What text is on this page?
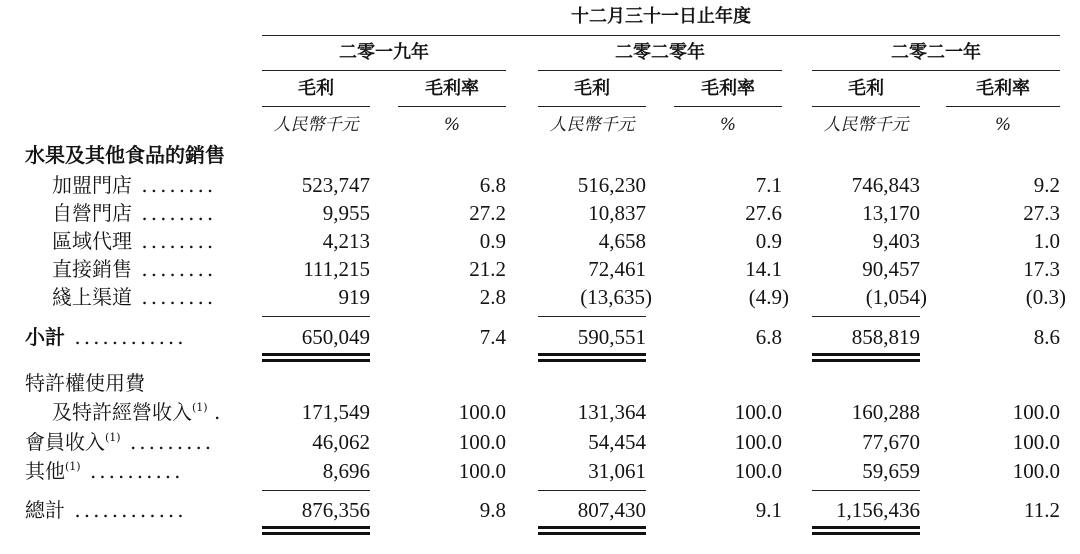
十二月三十一日止年度
二零一九年	二零二零年	二零二一年
毛利	毛利率	毛利	毛利率	毛利	毛利率
人民幣千元	%	人民幣千元	%	人民幣千元	%
水果及其他食品的銷售
加盟門店 ........	523,747	6.8	516,230	7.1	746,843	9.2
自營門店 ........	9,955	27.2	10,837	27.6	13,170	27.3
區域代理 ........	4,213	0.9	4,658	0.9	9,403	1.0
直接銷售 ........	111,215	21.2	72,461	14.1	90,457	17.3
綫上渠道 ........	919	2.8	(13,635)	(4.9)	(1,054)	(0.3)
小計 ............	650,049	7.4	590,551	6.8	858,819	8.6
特許權使用費
及特許經營收入$^{(1)}$ .	171,549	100.0	131,364	100.0	160,288	100.0
會員收入$^{(1)}$ .........	46,062	100.0	54,454	100.0	77,670	100.0
其他$^{(1)}$ ..........	8,696	100.0	31,061	100.0	59,659	100.0
總計 ............	876,356	9.8	807,430	9.1	1,156,436	11.2
